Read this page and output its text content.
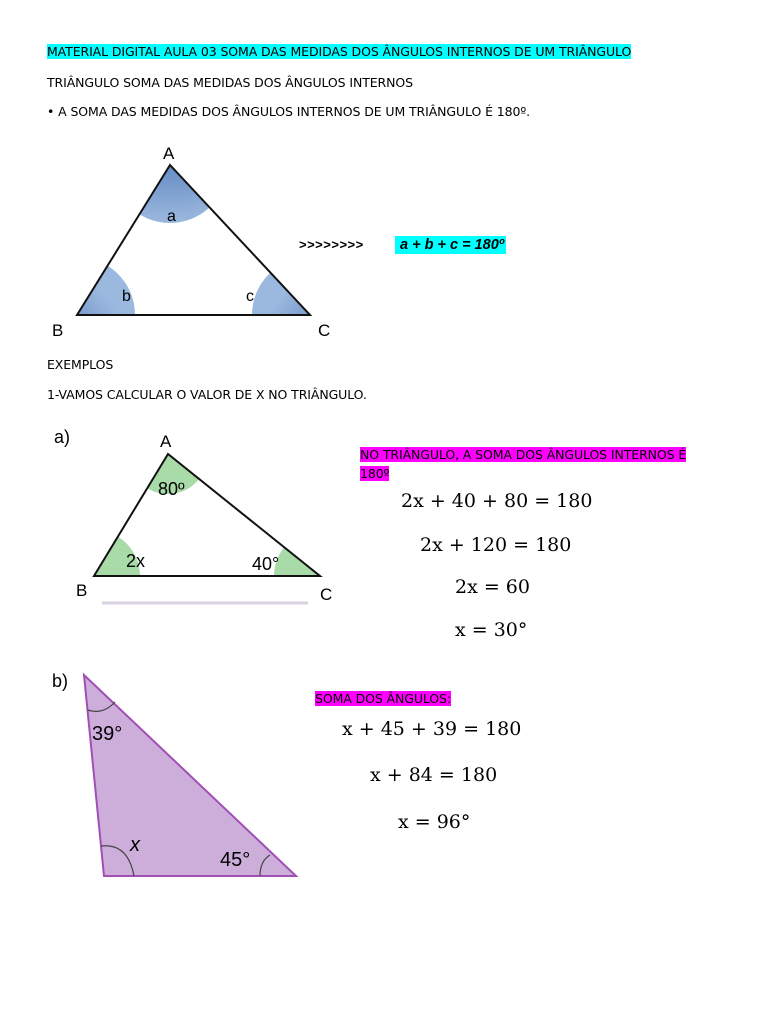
MATERIAL DIGITAL AULA 03 SOMA DAS MEDIDAS DOS ÂNGULOS INTERNOS DE UM TRIÂNGULO
TRIÂNGULO SOMA DAS MEDIDAS DOS ÂNGULOS INTERNOS
• A SOMA DAS MEDIDAS DOS ÂNGULOS INTERNOS DE UM TRIÂNGULO É 180º.
A
B	C
a
b	c
>>>>>>>>	a + b + c = 180º
EXEMPLOS
1-VAMOS CALCULAR O VALOR DE X NO TRIÂNGULO.
a)	A
B	C
80º
2x	40°
NO TRIÂNGULO, A SOMA DOS ÂNGULOS INTERNOS É
180º
2x + 40 + 80 = 180
2x + 120 = 180
2x = 60
x = 30°
b)
39°
x
45°
SOMA DOS ÂNGULOS:
x + 45 + 39 = 180
x + 84 = 180
x = 96°
